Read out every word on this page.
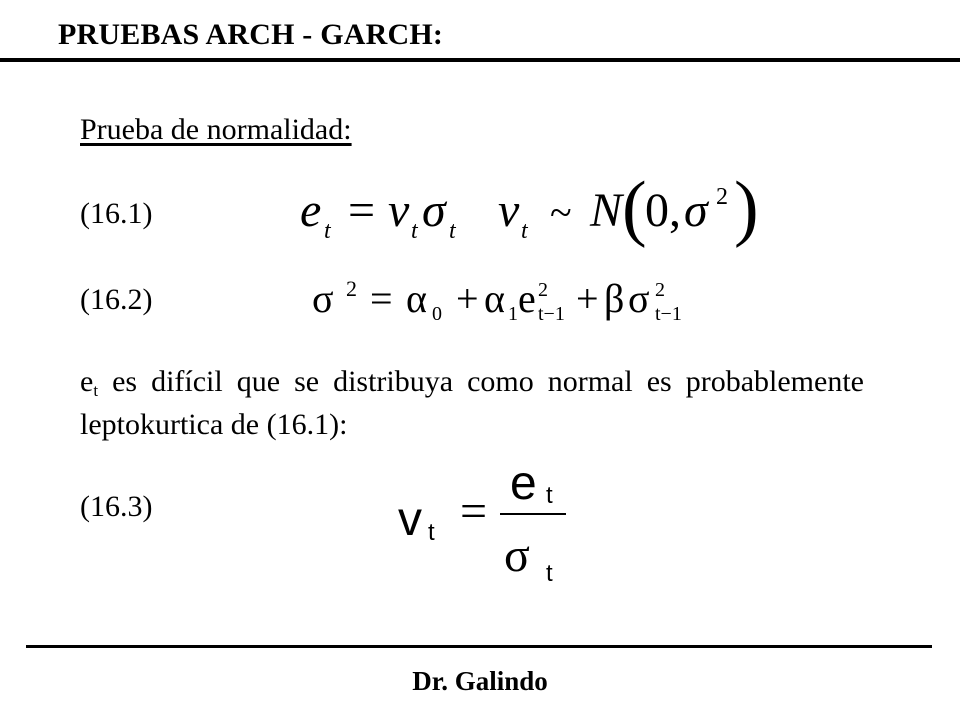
PRUEBAS ARCH - GARCH:
Prueba de normalidad:
(16.1)	e t = v t σ t v t ~ N (
0, σ 2 )
(16.2)	σ 2 = α 0 + α 1 e 2
t−1 + β σ 2
t−1
$e_t$ es difícil que se distribuya como normal es probablemente leptokurtica de (16.1):
(16.3)	v t =
e t
σ t
Dr. Galindo
